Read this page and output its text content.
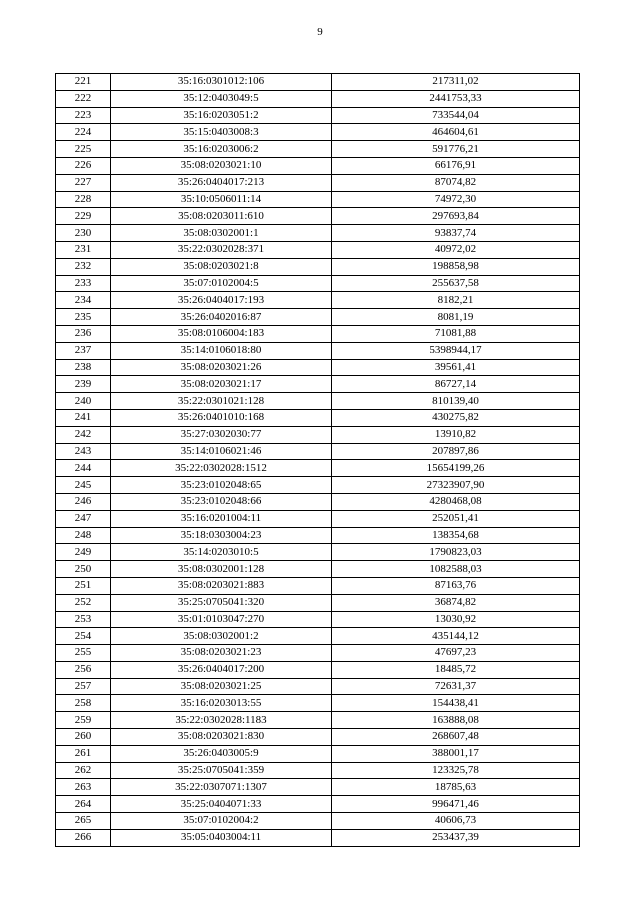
9
221	35:16:0301012:106	217311,02
222	35:12:0403049:5	2441753,33
223	35:16:0203051:2	733544,04
224	35:15:0403008:3	464604,61
225	35:16:0203006:2	591776,21
226	35:08:0203021:10	66176,91
227	35:26:0404017:213	87074,82
228	35:10:0506011:14	74972,30
229	35:08:0203011:610	297693,84
230	35:08:0302001:1	93837,74
231	35:22:0302028:371	40972,02
232	35:08:0203021:8	198858,98
233	35:07:0102004:5	255637,58
234	35:26:0404017:193	8182,21
235	35:26:0402016:87	8081,19
236	35:08:0106004:183	71081,88
237	35:14:0106018:80	5398944,17
238	35:08:0203021:26	39561,41
239	35:08:0203021:17	86727,14
240	35:22:0301021:128	810139,40
241	35:26:0401010:168	430275,82
242	35:27:0302030:77	13910,82
243	35:14:0106021:46	207897,86
244	35:22:0302028:1512	15654199,26
245	35:23:0102048:65	27323907,90
246	35:23:0102048:66	4280468,08
247	35:16:0201004:11	252051,41
248	35:18:0303004:23	138354,68
249	35:14:0203010:5	1790823,03
250	35:08:0302001:128	1082588,03
251	35:08:0203021:883	87163,76
252	35:25:0705041:320	36874,82
253	35:01:0103047:270	13030,92
254	35:08:0302001:2	435144,12
255	35:08:0203021:23	47697,23
256	35:26:0404017:200	18485,72
257	35:08:0203021:25	72631,37
258	35:16:0203013:55	154438,41
259	35:22:0302028:1183	163888,08
260	35:08:0203021:830	268607,48
261	35:26:0403005:9	388001,17
262	35:25:0705041:359	123325,78
263	35:22:0307071:1307	18785,63
264	35:25:0404071:33	996471,46
265	35:07:0102004:2	40606,73
266	35:05:0403004:11	253437,39
